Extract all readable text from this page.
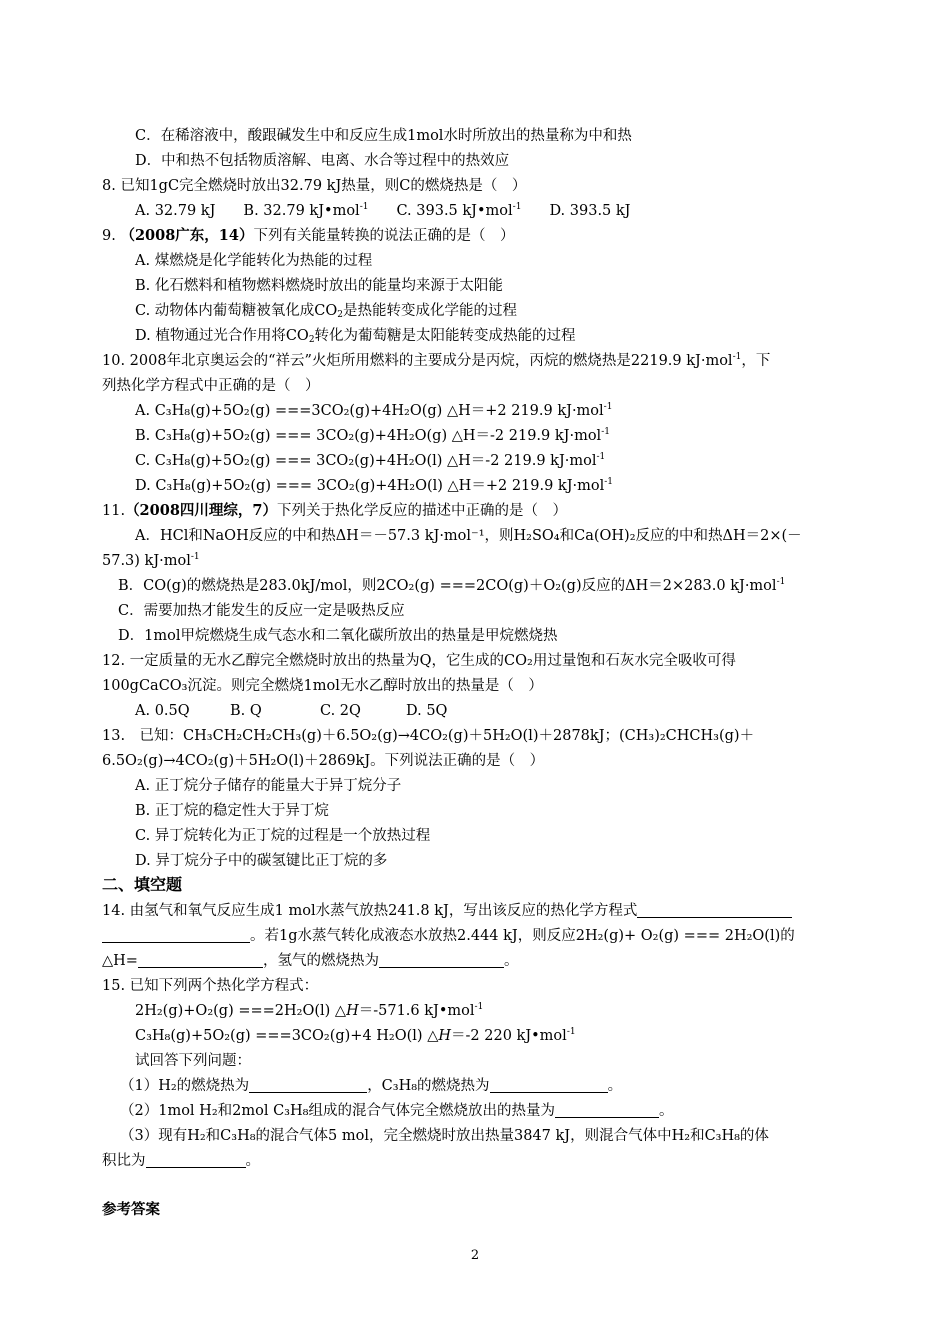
C．在稀溶液中，酸跟碱发生中和反应生成1mol水时所放出的热量称为中和热
D．中和热不包括物质溶解、电离、水合等过程中的热效应
8. 已知1gC完全燃烧时放出32.79 kJ热量，则C的燃烧热是（　）
A. 32.79 kJ B. 32.79 kJ•mol$^{-1}$ C. 393.5 kJ•mol$^{-1}$ D. 393.5 kJ
9. （2008广东，14）下列有关能量转换的说法正确的是（　）
A. 煤燃烧是化学能转化为热能的过程
B. 化石燃料和植物燃料燃烧时放出的能量均来源于太阳能
C. 动物体内葡萄糖被氧化成$CO_2$是热能转变成化学能的过程
D. 植物通过光合作用将$CO_2$转化为葡萄糖是太阳能转变成热能的过程
10. 2008年北京奥运会的“祥云”火炬所用燃料的主要成分是丙烷，丙烷的燃烧热是2219.9 kJ·mol$^{-1}$，下
列热化学方程式中正确的是（　）
A. C₃H₈(g)+5O₂(g) ===3CO₂(g)+4H₂O(g) △H＝+2 219.9 kJ·mol$^{-1}$
B. C₃H₈(g)+5O₂(g) === 3CO₂(g)+4H₂O(g) △H＝-2 219.9 kJ·mol$^{-1}$
C. C₃H₈(g)+5O₂(g) === 3CO₂(g)+4H₂O(l) △H＝-2 219.9 kJ·mol$^{-1}$
D. C₃H₈(g)+5O₂(g) === 3CO₂(g)+4H₂O(l) △H＝+2 219.9 kJ·mol$^{-1}$
11.（2008四川理综，7）下列关于热化学反应的描述中正确的是（　）
A．HCl和NaOH反应的中和热ΔH＝－57.3 kJ·mol⁻¹，则H₂SO₄和Ca(OH)₂反应的中和热ΔH＝2×(－
57.3) kJ·mol$^{-1}$
B．CO(g)的燃烧热是283.0kJ/mol，则2CO₂(g) ===2CO(g)＋O₂(g)反应的ΔH＝2×283.0 kJ·mol$^{-1}$
C．需要加热才能发生的反应一定是吸热反应
D．1mol甲烷燃烧生成气态水和二氧化碳所放出的热量是甲烷燃烧热
12. 一定质量的无水乙醇完全燃烧时放出的热量为Q，它生成的CO₂用过量饱和石灰水完全吸收可得
100gCaCO₃沉淀。则完全燃烧1mol无水乙醇时放出的热量是（　）
A. 0.5Q	B. Q	C. 2Q	D. 5Q
13.　已知：CH₃CH₂CH₂CH₃(g)＋6.5O₂(g)→4CO₂(g)＋5H₂O(l)＋2878kJ；(CH₃)₂CHCH₃(g)＋
6.5O₂(g)→4CO₂(g)＋5H₂O(l)＋2869kJ。下列说法正确的是（　）
A. 正丁烷分子储存的能量大于异丁烷分子
B. 正丁烷的稳定性大于异丁烷
C. 异丁烷转化为正丁烷的过程是一个放热过程
D. 异丁烷分子中的碳氢键比正丁烷的多
二、填空题
14. 由氢气和氧气反应生成1 mol水蒸气放热241.8 kJ，写出该反应的热化学方程式
。若1g水蒸气转化成液态水放热2.444 kJ，则反应2H₂(g)+ O₂(g) === 2H₂O(l)的
△H=	，氢气的燃烧热为	。
15. 已知下列两个热化学方程式：
2H₂(g)+O₂(g) ===2H₂O(l) △H＝-571.6 kJ•mol$^{-1}$
C₃H₈(g)+5O₂(g) ===3CO₂(g)+4 H₂O(l) △H＝-2 220 kJ•mol$^{-1}$
试回答下列问题：
（1）H₂的燃烧热为	，C₃H₈的燃烧热为	。
（2）1mol H₂和2mol C₃H₈组成的混合气体完全燃烧放出的热量为	。
（3）现有H₂和C₃H₈的混合气体5 mol，完全燃烧时放出热量3847 kJ，则混合气体中H₂和C₃H₈的体
积比为	。
参考答案
2
